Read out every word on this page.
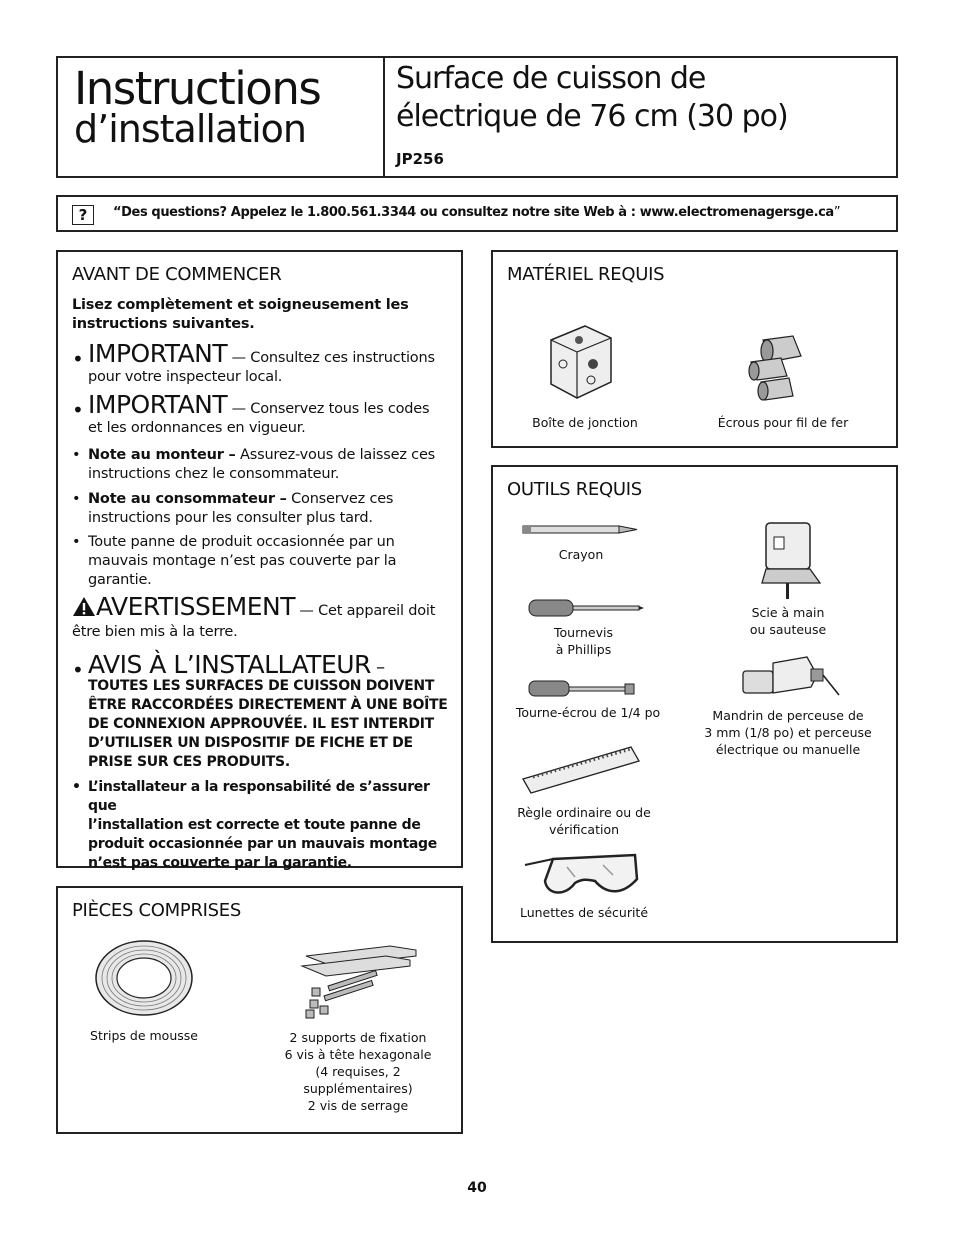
Instructions
d’installation
Surface de cuisson de
électrique de 76 cm (30 po)
JP256
?	“Des questions? Appelez le 1.800.561.3344 ou consultez notre site Web à : www.electromenagersge.ca”
AVANT DE COMMENCER
Lisez complètement et soigneusement les
instructions suivantes.
• IMPORTANT — Consultez ces instructions
pour votre inspecteur local.
• IMPORTANT — Conservez tous les codes
et les ordonnances en vigueur.
• Note au monteur – Assurez-vous de laissez ces
instructions chez le consommateur.
• Note au consommateur – Conservez ces
instructions pour les consulter plus tard.
• Toute panne de produit occasionnée par un
mauvais montage n’est pas couverte par la
garantie.
AVERTISSEMENT — Cet appareil doit
être bien mis à la terre.
• AVIS À L’INSTALLATEUR –
TOUTES LES SURFACES DE CUISSON DOIVENT
ÊTRE RACCORDÉES DIRECTEMENT À UNE BOÎTE
DE CONNEXION APPROUVÉE. IL EST INTERDIT
D’UTILISER UN DISPOSITIF DE FICHE ET DE
PRISE SUR CES PRODUITS.
• L’installateur a la responsabilité de s’assurer que
l’installation est correcte et toute panne de
produit occasionnée par un mauvais montage
n’est pas couverte par la garantie.
PIÈCES COMPRISES
Strips de mousse	2 supports de fixation
6 vis à tête hexagonale
(4 requises, 2
supplémentaires)
2 vis de serrage
MATÉRIEL REQUIS
Boîte de jonction	Écrous pour fil de fer
OUTILS REQUIS
Crayon
Tournevis
à Phillips
Tourne-écrou de 1/4 po
Règle ordinaire ou de
vérification
Lunettes de sécurité
Scie à main
ou sauteuse
Mandrin de perceuse de
3 mm (1/8 po) et perceuse
électrique ou manuelle
40
